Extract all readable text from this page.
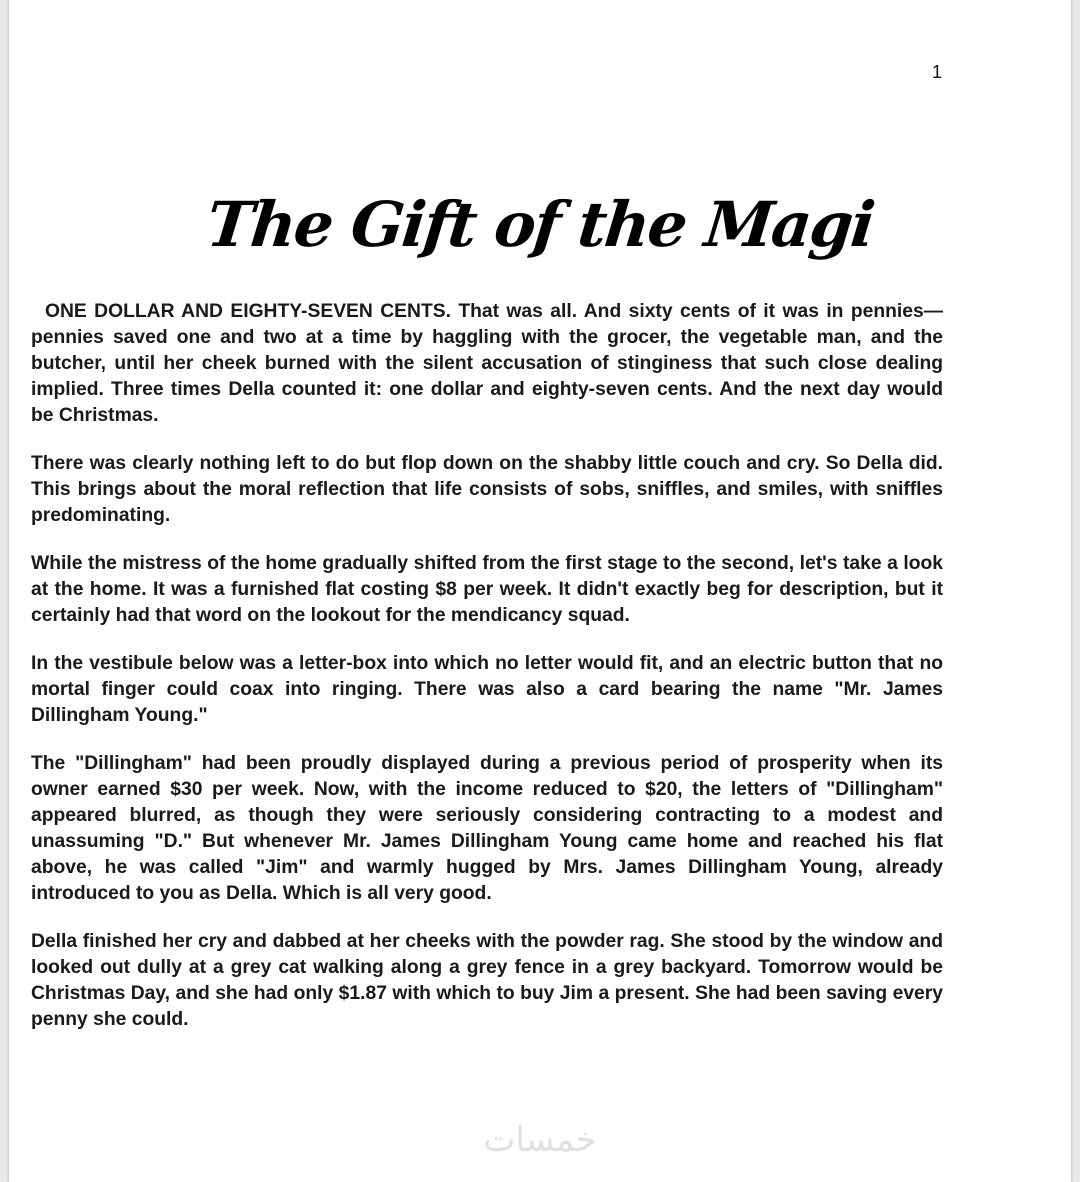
1
The Gift of the Magi

ONE DOLLAR AND EIGHTY-SEVEN CENTS. That was all. And sixty cents of it was in pennies—pennies saved one and two at a time by haggling with the grocer, the vegetable man, and the butcher, until her cheek burned with the silent accusation of stinginess that such close dealing implied. Three times Della counted it: one dollar and eighty-seven cents. And the next day would be Christmas.

There was clearly nothing left to do but flop down on the shabby little couch and cry. So Della did. This brings about the moral reflection that life consists of sobs, sniffles, and smiles, with sniffles predominating.

While the mistress of the home gradually shifted from the first stage to the second, let's take a look at the home. It was a furnished flat costing $8 per week. It didn't exactly beg for description, but it certainly had that word on the lookout for the mendicancy squad.

In the vestibule below was a letter-box into which no letter would fit, and an electric button that no mortal finger could coax into ringing. There was also a card bearing the name "Mr. James Dillingham Young."

The "Dillingham" had been proudly displayed during a previous period of prosperity when its owner earned $30 per week. Now, with the income reduced to $20, the letters of "Dillingham" appeared blurred, as though they were seriously considering contracting to a modest and unassuming "D." But whenever Mr. James Dillingham Young came home and reached his flat above, he was called "Jim" and warmly hugged by Mrs. James Dillingham Young, already introduced to you as Della. Which is all very good.

Della finished her cry and dabbed at her cheeks with the powder rag. She stood by the window and looked out dully at a grey cat walking along a grey fence in a grey backyard. Tomorrow would be Christmas Day, and she had only $1.87 with which to buy Jim a present. She had been saving every penny she could.

خمسات
